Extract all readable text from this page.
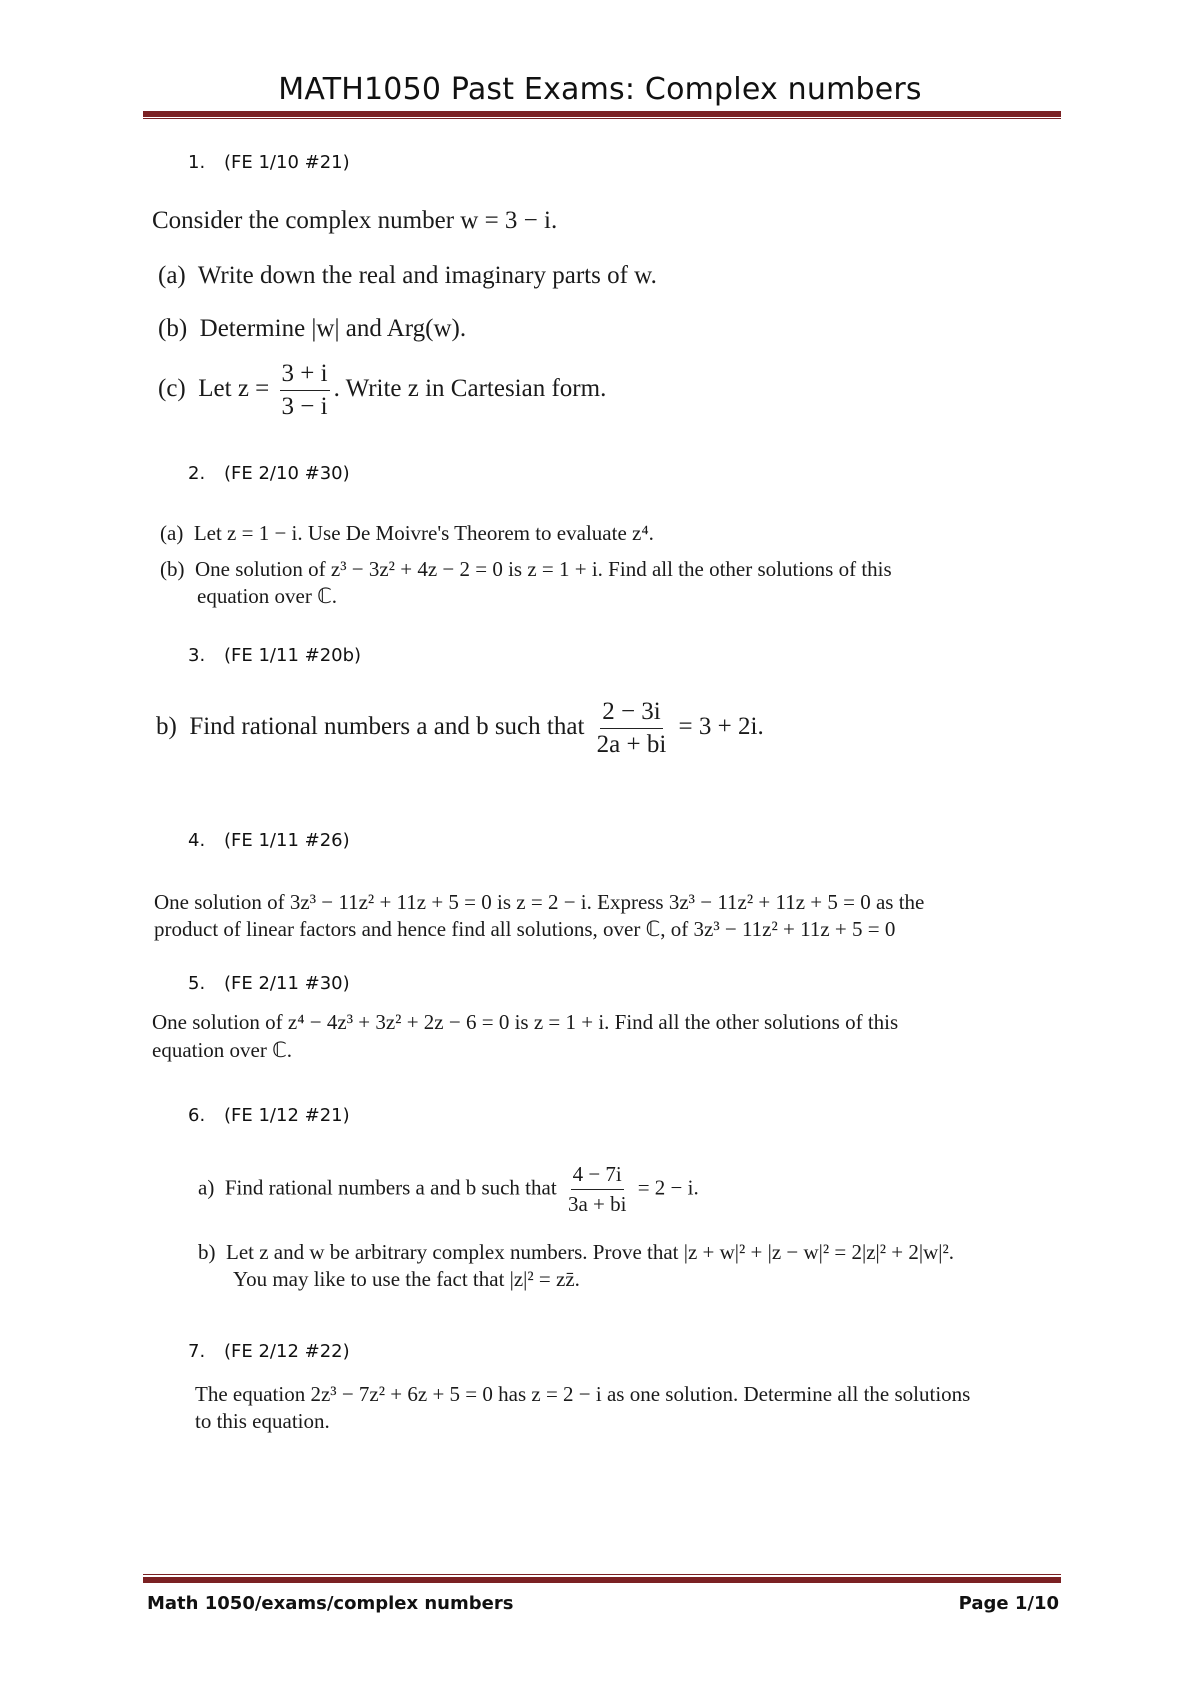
MATH1050 Past Exams: Complex numbers
1. (FE 1/10 #21)
Consider the complex number w = 3 − i.
(a) Write down the real and imaginary parts of w.
(b) Determine |w| and Arg(w).
(c) Let $z = \frac{3 + i}{3 - i}$ . Write z in Cartesian form.
2. (FE 2/10 #30)
(a) Let z = 1 − i. Use De Moivre's Theorem to evaluate z⁴.
(b) One solution of z³ − 3z² + 4z − 2 = 0 is z = 1 + i. Find all the other solutions of this
equation over ℂ.
3. (FE 1/11 #20b)
b) Find rational numbers a and b such that $\frac{2 - 3i}{2a + bi} = 3 + 2i$.
4. (FE 1/11 #26)
One solution of 3z³ − 11z² + 11z + 5 = 0 is z = 2 − i. Express 3z³ − 11z² + 11z + 5 = 0 as the
product of linear factors and hence find all solutions, over ℂ, of 3z³ − 11z² + 11z + 5 = 0
5. (FE 2/11 #30)
One solution of z⁴ − 4z³ + 3z² + 2z − 6 = 0 is z = 1 + i. Find all the other solutions of this
equation over ℂ.
6. (FE 1/12 #21)
a) Find rational numbers a and b such that $\frac{4 - 7i}{3a + bi} = 2 - i$.
b) Let z and w be arbitrary complex numbers. Prove that |z + w|² + |z − w|² = 2|z|² + 2|w|².
You may like to use the fact that |z|² = zz̄.
7. (FE 2/12 #22)
The equation 2z³ − 7z² + 6z + 5 = 0 has z = 2 − i as one solution. Determine all the solutions
to this equation.
Math 1050/exams/complex numbers	Page 1/10
